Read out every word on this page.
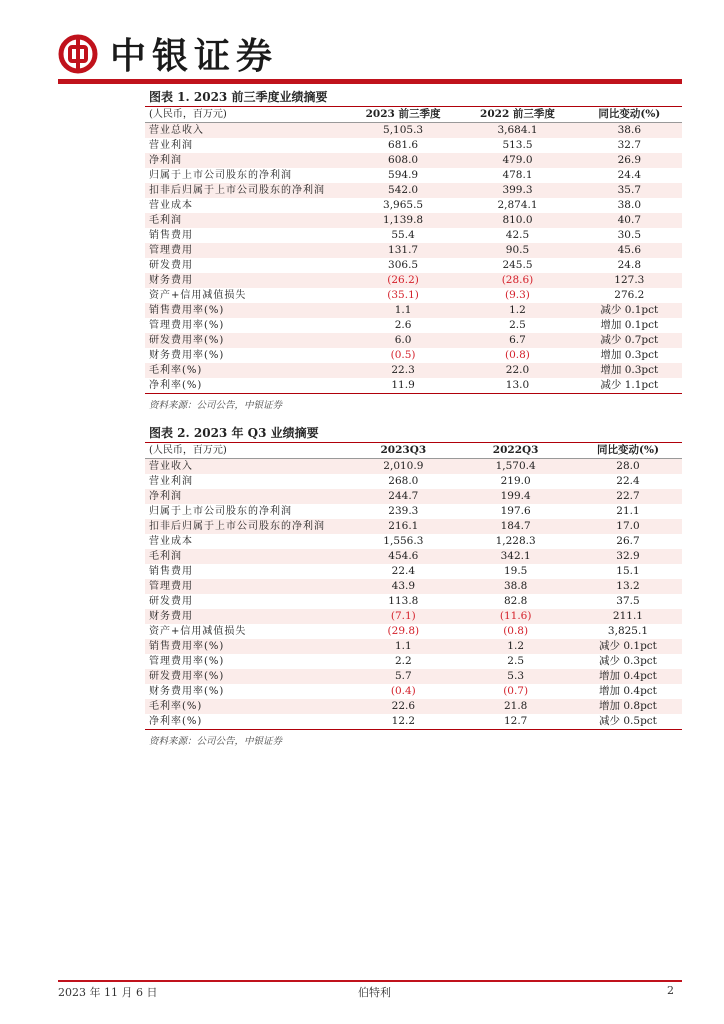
中银证券
图表 1. 2023 前三季度业绩摘要
(人民币，百万元)	2023 前三季度	2022 前三季度	同比变动(%)
营业总收入	5,105.3	3,684.1	38.6
营业利润	681.6	513.5	32.7
净利润	608.0	479.0	26.9
归属于上市公司股东的净利润	594.9	478.1	24.4
扣非后归属于上市公司股东的净利润	542.0	399.3	35.7
营业成本	3,965.5	2,874.1	38.0
毛利润	1,139.8	810.0	40.7
销售费用	55.4	42.5	30.5
管理费用	131.7	90.5	45.6
研发费用	306.5	245.5	24.8
财务费用	(26.2)	(28.6)	127.3
资产+信用减值损失	(35.1)	(9.3)	276.2
销售费用率(%)	1.1	1.2	减少 0.1pct
管理费用率(%)	2.6	2.5	增加 0.1pct
研发费用率(%)	6.0	6.7	减少 0.7pct
财务费用率(%)	(0.5)	(0.8)	增加 0.3pct
毛利率(%)	22.3	22.0	增加 0.3pct
净利率(%)	11.9	13.0	减少 1.1pct
资料来源：公司公告，中银证券
图表 2. 2023 年 Q3 业绩摘要
(人民币，百万元)	2023Q3	2022Q3	同比变动(%)
营业收入	2,010.9	1,570.4	28.0
营业利润	268.0	219.0	22.4
净利润	244.7	199.4	22.7
归属于上市公司股东的净利润	239.3	197.6	21.1
扣非后归属于上市公司股东的净利润	216.1	184.7	17.0
营业成本	1,556.3	1,228.3	26.7
毛利润	454.6	342.1	32.9
销售费用	22.4	19.5	15.1
管理费用	43.9	38.8	13.2
研发费用	113.8	82.8	37.5
财务费用	(7.1)	(11.6)	211.1
资产+信用减值损失	(29.8)	(0.8)	3,825.1
销售费用率(%)	1.1	1.2	减少 0.1pct
管理费用率(%)	2.2	2.5	减少 0.3pct
研发费用率(%)	5.7	5.3	增加 0.4pct
财务费用率(%)	(0.4)	(0.7)	增加 0.4pct
毛利率(%)	22.6	21.8	增加 0.8pct
净利率(%)	12.2	12.7	减少 0.5pct
资料来源：公司公告，中银证券
2023 年 11 月 6 日	伯特利	2
